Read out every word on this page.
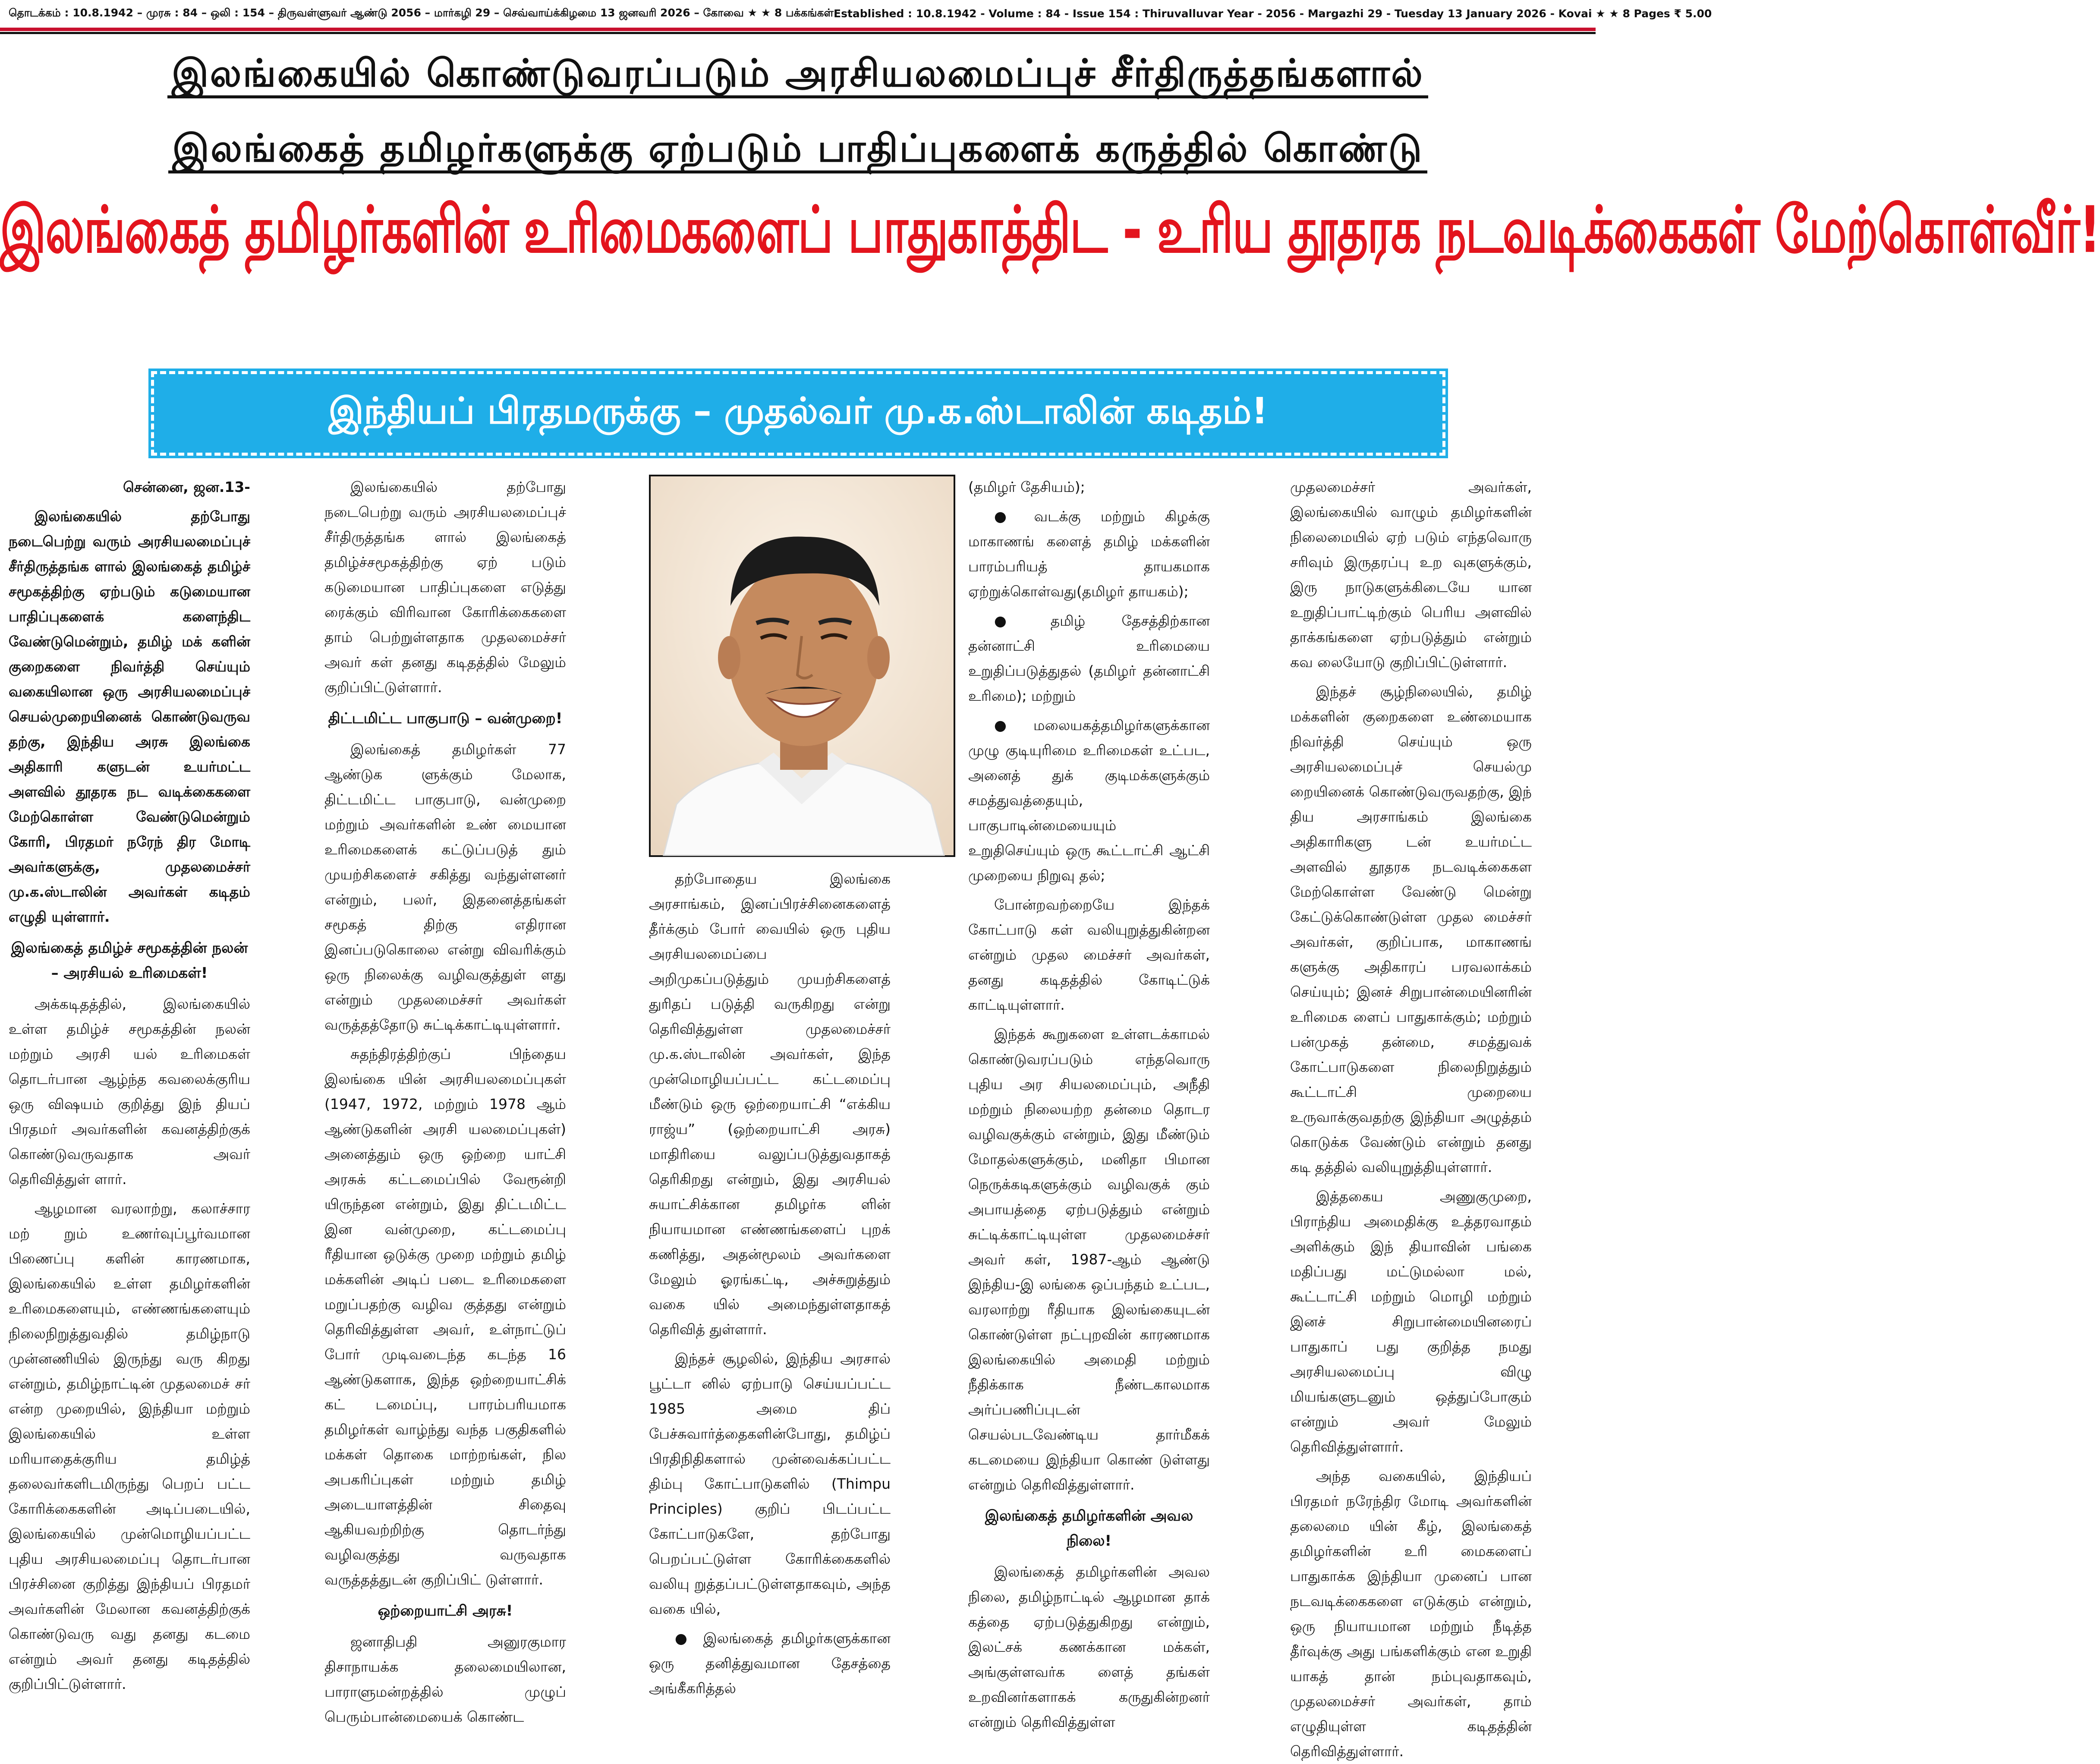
தொடக்கம் : 10.8.1942 – முரசு : 84 – ஒலி : 154 – திருவள்ளுவர் ஆண்டு 2056 – மார்கழி 29 – செவ்வாய்க்கிழமை 13 ஜனவரி 2026 – கோவை ★ ★ 8 பக்கங்கள் Established : 10.8.1942 - Volume : 84 - Issue 154 : Thiruvalluvar Year - 2056 - Margazhi 29 - Tuesday 13 January 2026 - Kovai ★ ★ 8 Pages ₹ 5.00
இலங்கையில் கொண்டுவரப்படும் அரசியலமைப்புச் சீர்திருத்தங்களால்
இலங்கைத் தமிழர்களுக்கு ஏற்படும் பாதிப்புகளைக் கருத்தில் கொண்டு
இலங்கைத் தமிழர்களின் உரிமைகளைப் பாதுகாத்திட - உரிய தூதரக நடவடிக்கைகள் மேற்கொள்வீர்!
இந்தியப் பிரதமருக்கு – முதல்வர் மு.க.ஸ்டாலின் கடிதம்!

சென்னை, ஜன.13-

இலங்கையில் தற்போது நடைபெற்று வரும் அரசியலமைப்புச் சீர்திருத்தங்க ளால் இலங்கைத் தமிழ்ச் சமூகத்திற்கு ஏற்படும் கடுமையான பாதிப்புகளைக் களைந்திட வேண்டுமென்றும், தமிழ் மக் களின் குறைகளை நிவர்த்தி செய்யும் வகையிலான ஒரு அரசியலமைப்புச் செயல்முறையினைக் கொண்டுவருவ தற்கு, இந்திய அரசு இலங்கை அதிகாரி களுடன் உயர்மட்ட அளவில் தூதரக நட வடிக்கைகளை மேற்கொள்ள வேண்டுமென்றும் கோரி, பிரதமர் நரேந் திர மோடி அவர்களுக்கு, முதலமைச்சர் மு.க.ஸ்டாலின் அவர்கள் கடிதம் எழுதி யுள்ளார்.

இலங்கைத் தமிழ்ச் சமூகத்தின் நலன் – அரசியல் உரிமைகள்!

அக்கடிதத்தில், இலங்கையில் உள்ள தமிழ்ச் சமூகத்தின் நலன் மற்றும் அரசி யல் உரிமைகள் தொடர்பான ஆழ்ந்த கவலைக்குரிய ஒரு விஷயம் குறித்து இந் தியப் பிரதமர் அவர்களின் கவனத்திற்குக் கொண்டுவருவதாக அவர் தெரிவித்துள் ளார்.

ஆழமான வரலாற்று, கலாச்சார மற் றும் உணர்வுப்பூர்வமான பிணைப்பு களின் காரணமாக, இலங்கையில் உள்ள தமிழர்களின் உரிமைகளையும், எண்ணங்களையும் நிலைநிறுத்துவதில் தமிழ்நாடு முன்னணியில் இருந்து வரு கிறது என்றும், தமிழ்நாட்டின் முதலமைச் சர் என்ற முறையில், இந்தியா மற்றும் இலங்கையில் உள்ள மரியாதைக்குரிய தமிழ்த் தலைவர்களிடமிருந்து பெறப் பட்ட கோரிக்கைகளின் அடிப்படையில், இலங்கையில் முன்மொழியப்பட்ட புதிய அரசியலமைப்பு தொடர்பான பிரச்சினை குறித்து இந்தியப் பிரதமர் அவர்களின் மேலான கவனத்திற்குக் கொண்டுவரு வது தனது கடமை என்றும் அவர் தனது கடிதத்தில் குறிப்பிட்டுள்ளார்.

இலங்கையில் தற்போது நடைபெற்று வரும் அரசியலமைப்புச் சீர்திருத்தங்க ளால் இலங்கைத் தமிழ்ச்சமூகத்திற்கு ஏற் படும் கடுமையான பாதிப்புகளை எடுத்து ரைக்கும் விரிவான கோரிக்கைகளை தாம் பெற்றுள்ளதாக முதலமைச்சர் அவர் கள் தனது கடிதத்தில் மேலும் குறிப்பிட்டுள்ளார்.

திட்டமிட்ட பாகுபாடு – வன்முறை!

இலங்கைத் தமிழர்கள் 77 ஆண்டுக ளுக்கும் மேலாக, திட்டமிட்ட பாகுபாடு, வன்முறை மற்றும் அவர்களின் உண் மையான உரிமைகளைக் கட்டுப்படுத் தும் முயற்சிகளைச் சகித்து வந்துள்ளனர் என்றும், பலர், இதனைத்தங்கள் சமூகத் திற்கு எதிரான இனப்படுகொலை என்று விவரிக்கும் ஒரு நிலைக்கு வழிவகுத்துள் ளது என்றும் முதலமைச்சர் அவர்கள் வருத்தத்தோடு சுட்டிக்காட்டியுள்ளார்.

சுதந்திரத்திற்குப் பிந்தைய இலங்கை யின் அரசியலமைப்புகள் (1947, 1972, மற்றும் 1978 ஆம் ஆண்டுகளின் அரசி யலமைப்புகள்) அனைத்தும் ஒரு ஒற்றை யாட்சி அரசுக் கட்டமைப்பில் வேரூன்றி யிருந்தன என்றும், இது திட்டமிட்ட இன வன்முறை, கட்டமைப்பு ரீதியான ஒடுக்கு முறை மற்றும் தமிழ் மக்களின் அடிப் படை உரிமைகளை மறுப்பதற்கு வழிவ குத்தது என்றும் தெரிவித்துள்ள அவர், உள்நாட்டுப் போர் முடிவடைந்த கடந்த 16 ஆண்டுகளாக, இந்த ஒற்றையாட்சிக் கட் டமைப்பு, பாரம்பரியமாக தமிழர்கள் வாழ்ந்து வந்த பகுதிகளில் மக்கள் தொகை மாற்றங்கள், நில அபகரிப்புகள் மற்றும் தமிழ் அடையாளத்தின் சிதைவு ஆகியவற்றிற்கு தொடர்ந்து வழிவகுத்து வருவதாக வருத்தத்துடன் குறிப்பிட் டுள்ளார்.

ஒற்றையாட்சி அரசு!

ஜனாதிபதி அனுரகுமார திசாநாயக்க தலைமையிலான, பாராளுமன்றத்தில் முழுப் பெரும்பான்மையைக் கொண்ட

தற்போதைய இலங்கை அரசாங்கம், இனப்பிரச்சினைகளைத் தீர்க்கும் போர் வையில் ஒரு புதிய அரசியலமைப்பை அறிமுகப்படுத்தும் முயற்சிகளைத் துரிதப் படுத்தி வருகிறது என்று தெரிவித்துள்ள முதலமைச்சர் மு.க.ஸ்டாலின் அவர்கள், இந்த முன்மொழியப்பட்ட கட்டமைப்பு மீண்டும் ஒரு ஒற்றையாட்சி “எக்கிய ராஜ்ய” (ஒற்றையாட்சி அரசு) மாதிரியை வலுப்படுத்துவதாகத் தெரிகிறது என்றும், இது அரசியல் சுயாட்சிக்கான தமிழர்க ளின் நியாயமான எண்ணங்களைப் புறக் கணித்து, அதன்மூலம் அவர்களை மேலும் ஓரங்கட்டி, அச்சுறுத்தும் வகை யில் அமைந்துள்ளதாகத் தெரிவித் துள்ளார்.

இந்தச் சூழலில், இந்திய அரசால் பூட்டா னில் ஏற்பாடு செய்யப்பட்ட 1985 அமை திப் பேச்சுவார்த்தைகளின்போது, தமிழ்ப் பிரதிநிதிகளால் முன்வைக்கப்பட்ட திம்பு கோட்பாடுகளில் (Thimpu Principles) குறிப் பிடப்பட்ட கோட்பாடுகளே, தற்போது பெறப்பட்டுள்ள கோரிக்கைகளில் வலியு றுத்தப்பட்டுள்ளதாகவும், அந்த வகை யில்,

● இலங்கைத் தமிழர்களுக்கான ஒரு தனித்துவமான தேசத்தை அங்கீகரித்தல்

(தமிழர் தேசியம்);

● வடக்கு மற்றும் கிழக்கு மாகாணங் களைத் தமிழ் மக்களின் பாரம்பரியத் தாயகமாக ஏற்றுக்கொள்வது(தமிழர் தாயகம்);

● தமிழ் தேசத்திற்கான தன்னாட்சி உரிமையை உறுதிப்படுத்துதல் (தமிழர் தன்னாட்சி உரிமை); மற்றும்

● மலையகத்தமிழர்களுக்கான முழு குடியுரிமை உரிமைகள் உட்பட, அனைத் துக் குடிமக்களுக்கும் சமத்துவத்தையும், பாகுபாடின்மையையும் உறுதிசெய்யும் ஒரு கூட்டாட்சி ஆட்சி முறையை நிறுவு தல்;

போன்றவற்றையே இந்தக் கோட்பாடு கள் வலியுறுத்துகின்றன என்றும் முதல மைச்சர் அவர்கள், தனது கடிதத்தில் கோடிட்டுக் காட்டியுள்ளார்.

இந்தக் கூறுகளை உள்ளடக்காமல் கொண்டுவரப்படும் எந்தவொரு புதிய அர சியலமைப்பும், அநீதி மற்றும் நிலையற்ற தன்மை தொடர வழிவகுக்கும் என்றும், இது மீண்டும் மோதல்களுக்கும், மனிதா பிமான நெருக்கடிகளுக்கும் வழிவகுக் கும் அபாயத்தை ஏற்படுத்தும் என்றும் சுட்டிக்காட்டியுள்ள முதலமைச்சர் அவர் கள், 1987-ஆம் ஆண்டு இந்திய-இ லங்கை ஒப்பந்தம் உட்பட, வரலாற்று ரீதியாக இலங்கையுடன் கொண்டுள்ள நட்புறவின் காரணமாக இலங்கையில் அமைதி மற்றும் நீதிக்காக நீண்டகாலமாக அர்ப்பணிப்புடன் செயல்படவேண்டிய தார்மீகக் கடமையை இந்தியா கொண் டுள்ளது என்றும் தெரிவித்துள்ளார்.

இலங்கைத் தமிழர்களின் அவல நிலை!

இலங்கைத் தமிழர்களின் அவல நிலை, தமிழ்நாட்டில் ஆழமான தாக் கத்தை ஏற்படுத்துகிறது என்றும், இலட்சக் கணக்கான மக்கள், அங்குள்ளவர்க ளைத் தங்கள் உறவினர்களாகக் கருதுகின்றனர் என்றும் தெரிவித்துள்ள

முதலமைச்சர் அவர்கள், இலங்கையில் வாழும் தமிழர்களின் நிலைமையில் ஏற் படும் எந்தவொரு சரிவும் இருதரப்பு உற வுகளுக்கும், இரு நாடுகளுக்கிடையே யான உறுதிப்பாட்டிற்கும் பெரிய அளவில் தாக்கங்களை ஏற்படுத்தும் என்றும் கவ லையோடு குறிப்பிட்டுள்ளார்.

இந்தச் சூழ்நிலையில், தமிழ் மக்களின் குறைகளை உண்மையாக நிவர்த்தி செய்யும் ஒரு அரசியலமைப்புச் செயல்மு றையினைக் கொண்டுவருவதற்கு, இந் திய அரசாங்கம் இலங்கை அதிகாரிகளு டன் உயர்மட்ட அளவில் தூதரக நடவடிக்கைகள மேற்கொள்ள வேண்டு மென்று கேட்டுக்கொண்டுள்ள முதல மைச்சர் அவர்கள், குறிப்பாக, மாகாணங் களுக்கு அதிகாரப் பரவலாக்கம் செய்யும்; இனச் சிறுபான்மையினரின் உரிமைக ளைப் பாதுகாக்கும்; மற்றும் பன்முகத் தன்மை, சமத்துவக் கோட்பாடுகளை நிலைநிறுத்தும் கூட்டாட்சி முறையை உருவாக்குவதற்கு இந்தியா அழுத்தம் கொடுக்க வேண்டும் என்றும் தனது கடி தத்தில் வலியுறுத்தியுள்ளார்.

இத்தகைய அணுகுமுறை, பிராந்திய அமைதிக்கு உத்தரவாதம் அளிக்கும் இந் தியாவின் பங்கை மதிப்பது மட்டுமல்லா மல், கூட்டாட்சி மற்றும் மொழி மற்றும் இனச் சிறுபான்மையினரைப் பாதுகாப் பது குறித்த நமது அரசியலமைப்பு விழு மியங்களுடனும் ஒத்துப்போகும் என்றும் அவர் மேலும் தெரிவித்துள்ளார்.

அந்த வகையில், இந்தியப் பிரதமர் நரேந்திர மோடி அவர்களின் தலைமை யின் கீழ், இலங்கைத் தமிழர்களின் உரி மைகளைப் பாதுகாக்க இந்தியா முனைப் பான நடவடிக்கைகளை எடுக்கும் என்றும், ஒரு நியாயமான மற்றும் நீடித்த தீர்வுக்கு அது பங்களிக்கும் என உறுதி யாகத் தான் நம்புவதாகவும், முதலமைச்சர் அவர்கள், தாம் எழுதியுள்ள கடிதத்தின் தெரிவித்துள்ளார்.
